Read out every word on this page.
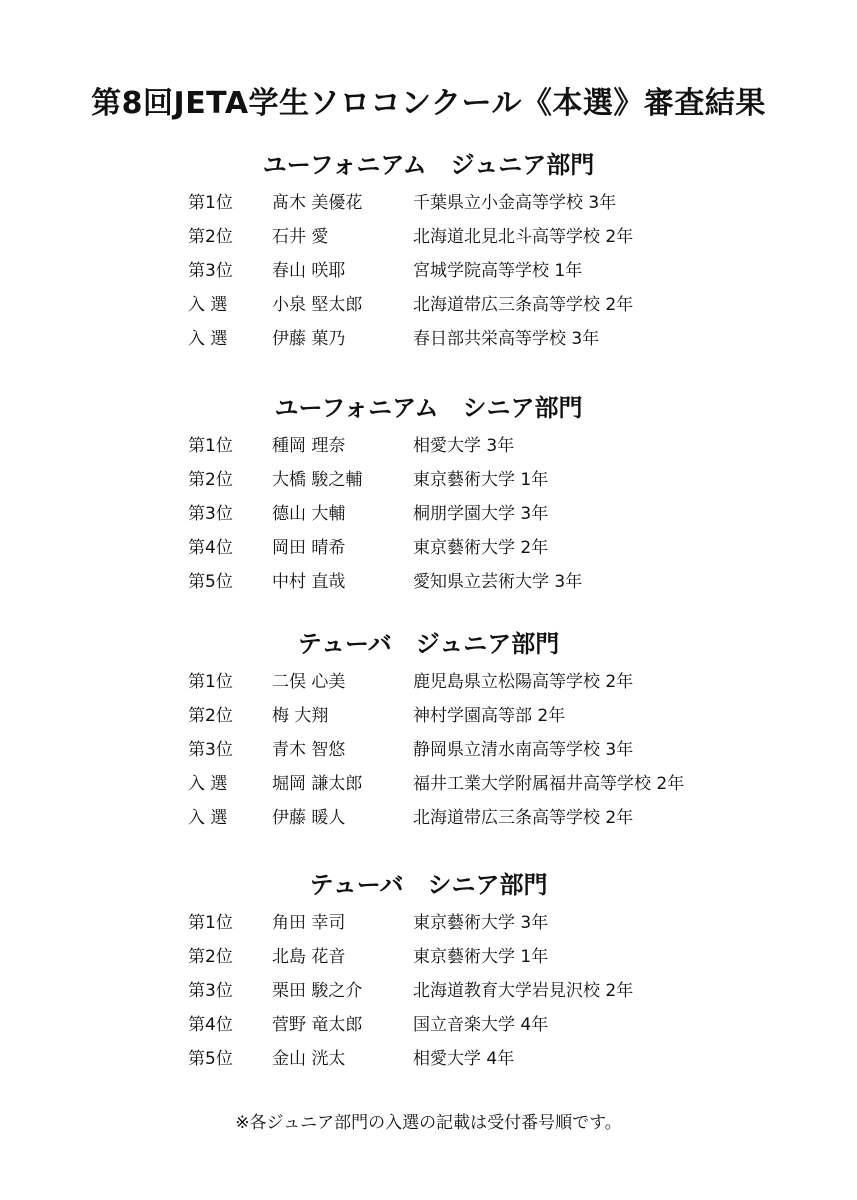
第8回JETA学生ソロコンクール《本選》審査結果
ユーフォニアム　ジュニア部門
第1位	髙木 美優花	千葉県立小金高等学校 3年
第2位	石井 愛	北海道北見北斗高等学校 2年
第3位	春山 咲耶	宮城学院高等学校 1年
入 選	小泉 堅太郎	北海道帯広三条高等学校 2年
入 選	伊藤 菓乃	春日部共栄高等学校 3年
ユーフォニアム　シニア部門
第1位	種岡 理奈	相愛大学 3年
第2位	大橋 駿之輔	東京藝術大学 1年
第3位	德山 大輔	桐朋学園大学 3年
第4位	岡田 晴希	東京藝術大学 2年
第5位	中村 直哉	愛知県立芸術大学 3年
テューバ　ジュニア部門
第1位	二俣 心美	鹿児島県立松陽高等学校 2年
第2位	梅 大翔	神村学園高等部 2年
第3位	青木 智悠	静岡県立清水南高等学校 3年
入 選	堀岡 謙太郎	福井工業大学附属福井高等学校 2年
入 選	伊藤 暖人	北海道帯広三条高等学校 2年
テューバ　シニア部門
第1位	角田 幸司	東京藝術大学 3年
第2位	北島 花音	東京藝術大学 1年
第3位	栗田 駿之介	北海道教育大学岩見沢校 2年
第4位	菅野 竜太郎	国立音楽大学 4年
第5位	金山 洸太	相愛大学 4年
※各ジュニア部門の入選の記載は受付番号順です。
